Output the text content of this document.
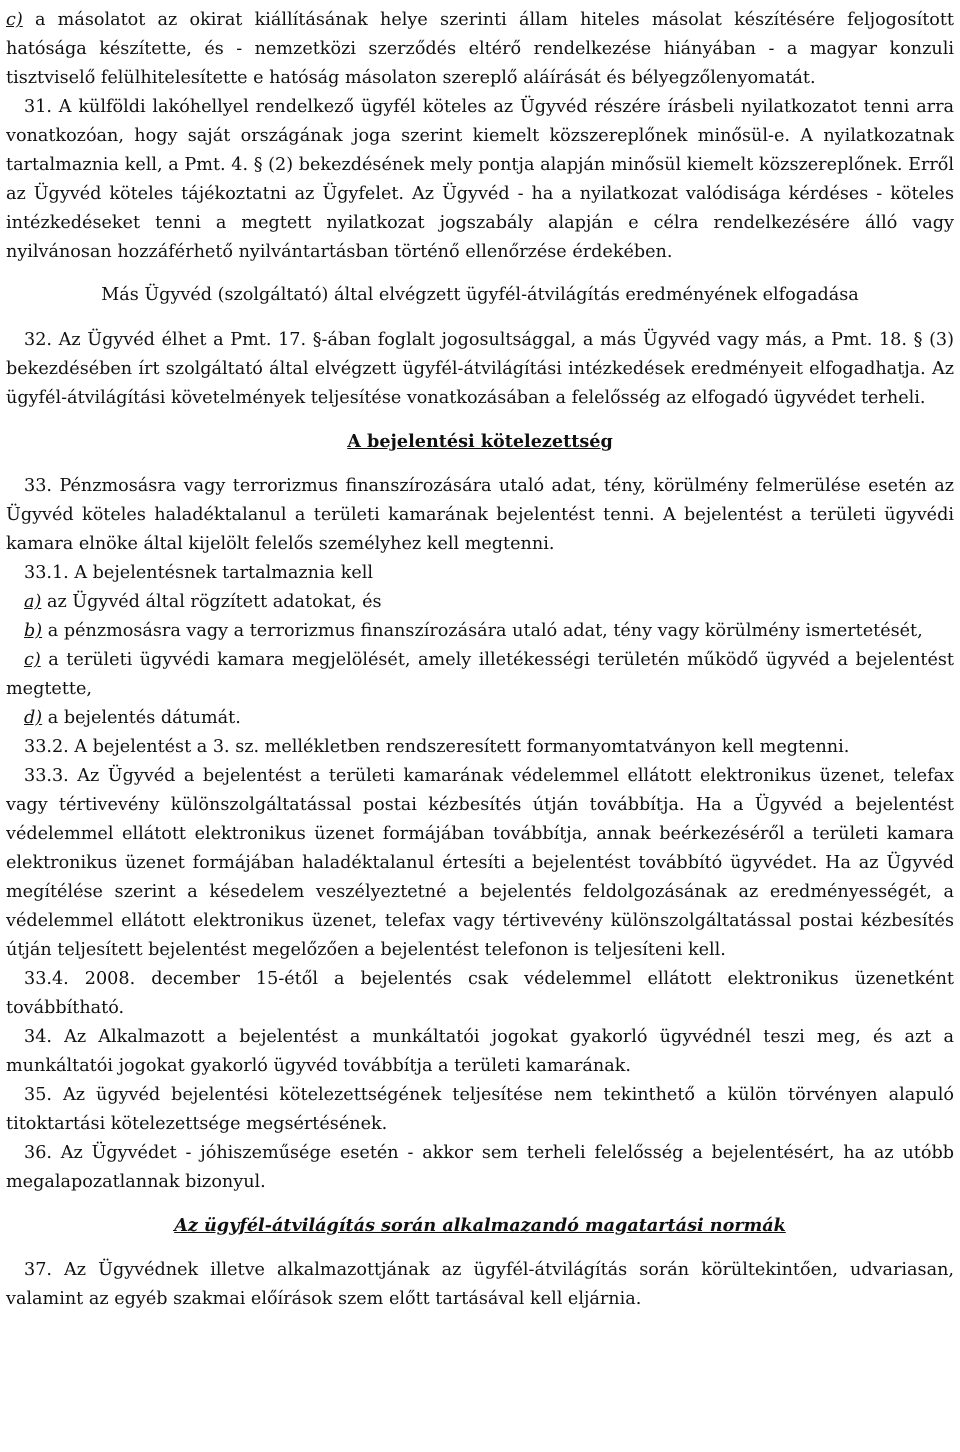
c) a másolatot az okirat kiállításának helye szerinti állam hiteles másolat készítésére feljogosított hatósága készítette, és - nemzetközi szerződés eltérő rendelkezése hiányában - a magyar konzuli tisztviselő felülhitelesítette e hatóság másolaton szereplő aláírását és bélyegzőlenyomatát.

31. A külföldi lakóhellyel rendelkező ügyfél köteles az Ügyvéd részére írásbeli nyilatkozatot tenni arra vonatkozóan, hogy saját országának joga szerint kiemelt közszereplőnek minősül-e. A nyilatkozatnak tartalmaznia kell, a Pmt. 4. § (2) bekezdésének mely pontja alapján minősül kiemelt közszereplőnek. Erről az Ügyvéd köteles tájékoztatni az Ügyfelet. Az Ügyvéd - ha a nyilatkozat valódisága kérdéses - köteles intézkedéseket tenni a megtett nyilatkozat jogszabály alapján e célra rendelkezésére álló vagy nyilvánosan hozzáférhető nyilvántartásban történő ellenőrzése érdekében.

Más Ügyvéd (szolgáltató) által elvégzett ügyfél-átvilágítás eredményének elfogadása

32. Az Ügyvéd élhet a Pmt. 17. §-ában foglalt jogosultsággal, a más Ügyvéd vagy más, a Pmt. 18. § (3) bekezdésében írt szolgáltató által elvégzett ügyfél-átvilágítási intézkedések eredményeit elfogadhatja. Az ügyfél-átvilágítási követelmények teljesítése vonatkozásában a felelősség az elfogadó ügyvédet terheli.

A bejelentési kötelezettség

33. Pénzmosásra vagy terrorizmus finanszírozására utaló adat, tény, körülmény felmerülése esetén az Ügyvéd köteles haladéktalanul a területi kamarának bejelentést tenni. A bejelentést a területi ügyvédi kamara elnöke által kijelölt felelős személyhez kell megtenni.

33.1. A bejelentésnek tartalmaznia kell

a) az Ügyvéd által rögzített adatokat, és

b) a pénzmosásra vagy a terrorizmus finanszírozására utaló adat, tény vagy körülmény ismertetését,

c) a területi ügyvédi kamara megjelölését, amely illetékességi területén működő ügyvéd a bejelentést megtette,

d) a bejelentés dátumát.

33.2. A bejelentést a 3. sz. mellékletben rendszeresített formanyomtatványon kell megtenni.

33.3. Az Ügyvéd a bejelentést a területi kamarának védelemmel ellátott elektronikus üzenet, telefax vagy tértivevény különszolgáltatással postai kézbesítés útján továbbítja. Ha a Ügyvéd a bejelentést védelemmel ellátott elektronikus üzenet formájában továbbítja, annak beérkezéséről a területi kamara elektronikus üzenet formájában haladéktalanul értesíti a bejelentést továbbító ügyvédet. Ha az Ügyvéd megítélése szerint a késedelem veszélyeztetné a bejelentés feldolgozásának az eredményességét, a védelemmel ellátott elektronikus üzenet, telefax vagy tértivevény különszolgáltatással postai kézbesítés útján teljesített bejelentést megelőzően a bejelentést telefonon is teljesíteni kell.

33.4. 2008. december 15-étől a bejelentés csak védelemmel ellátott elektronikus üzenetként továbbítható.

34. Az Alkalmazott a bejelentést a munkáltatói jogokat gyakorló ügyvédnél teszi meg, és azt a munkáltatói jogokat gyakorló ügyvéd továbbítja a területi kamarának.

35. Az ügyvéd bejelentési kötelezettségének teljesítése nem tekinthető a külön törvényen alapuló titoktartási kötelezettsége megsértésének.

36. Az Ügyvédet - jóhiszeműsége esetén - akkor sem terheli felelősség a bejelentésért, ha az utóbb megalapozatlannak bizonyul.

Az ügyfél-átvilágítás során alkalmazandó magatartási normák

37. Az Ügyvédnek illetve alkalmazottjának az ügyfél-átvilágítás során körültekintően, udvariasan, valamint az egyéb szakmai előírások szem előtt tartásával kell eljárnia.
